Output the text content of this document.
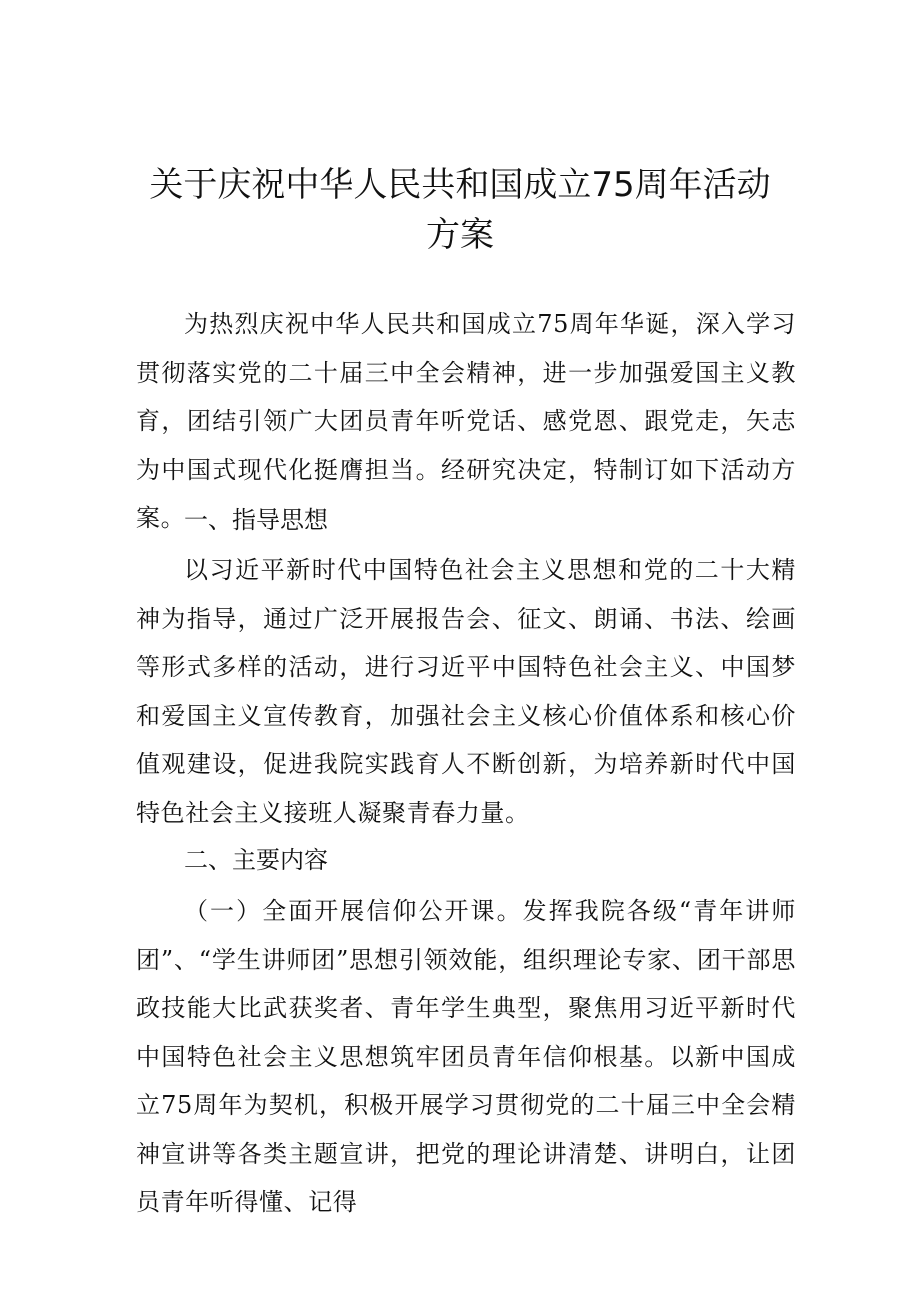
关于庆祝中华人民共和国成立75周年活动
方案

为热烈庆祝中华人民共和国成立75周年华诞，深入学习贯彻落实党的二十届三中全会精神，进一步加强爱国主义教育，团结引领广大团员青年听党话、感党恩、跟党走，矢志为中国式现代化挺膺担当。经研究决定，特制订如下活动方案。

一、指导思想

以习近平新时代中国特色社会主义思想和党的二十大精神为指导，通过广泛开展报告会、征文、朗诵、书法、绘画等形式多样的活动，进行习近平中国特色社会主义、中国梦和爱国主义宣传教育，加强社会主义核心价值体系和核心价值观建设，促进我院实践育人不断创新，为培养新时代中国特色社会主义接班人凝聚青春力量。

二、主要内容

（一）全面开展信仰公开课。发挥我院各级“青年讲师团”、“学生讲师团”思想引领效能，组织理论专家、团干部思政技能大比武获奖者、青年学生典型，聚焦用习近平新时代中国特色社会主义思想筑牢团员青年信仰根基。以新中国成立75周年为契机，积极开展学习贯彻党的二十届三中全会精神宣讲等各类主题宣讲，把党的理论讲清楚、讲明白，让团员青年听得懂、记得
